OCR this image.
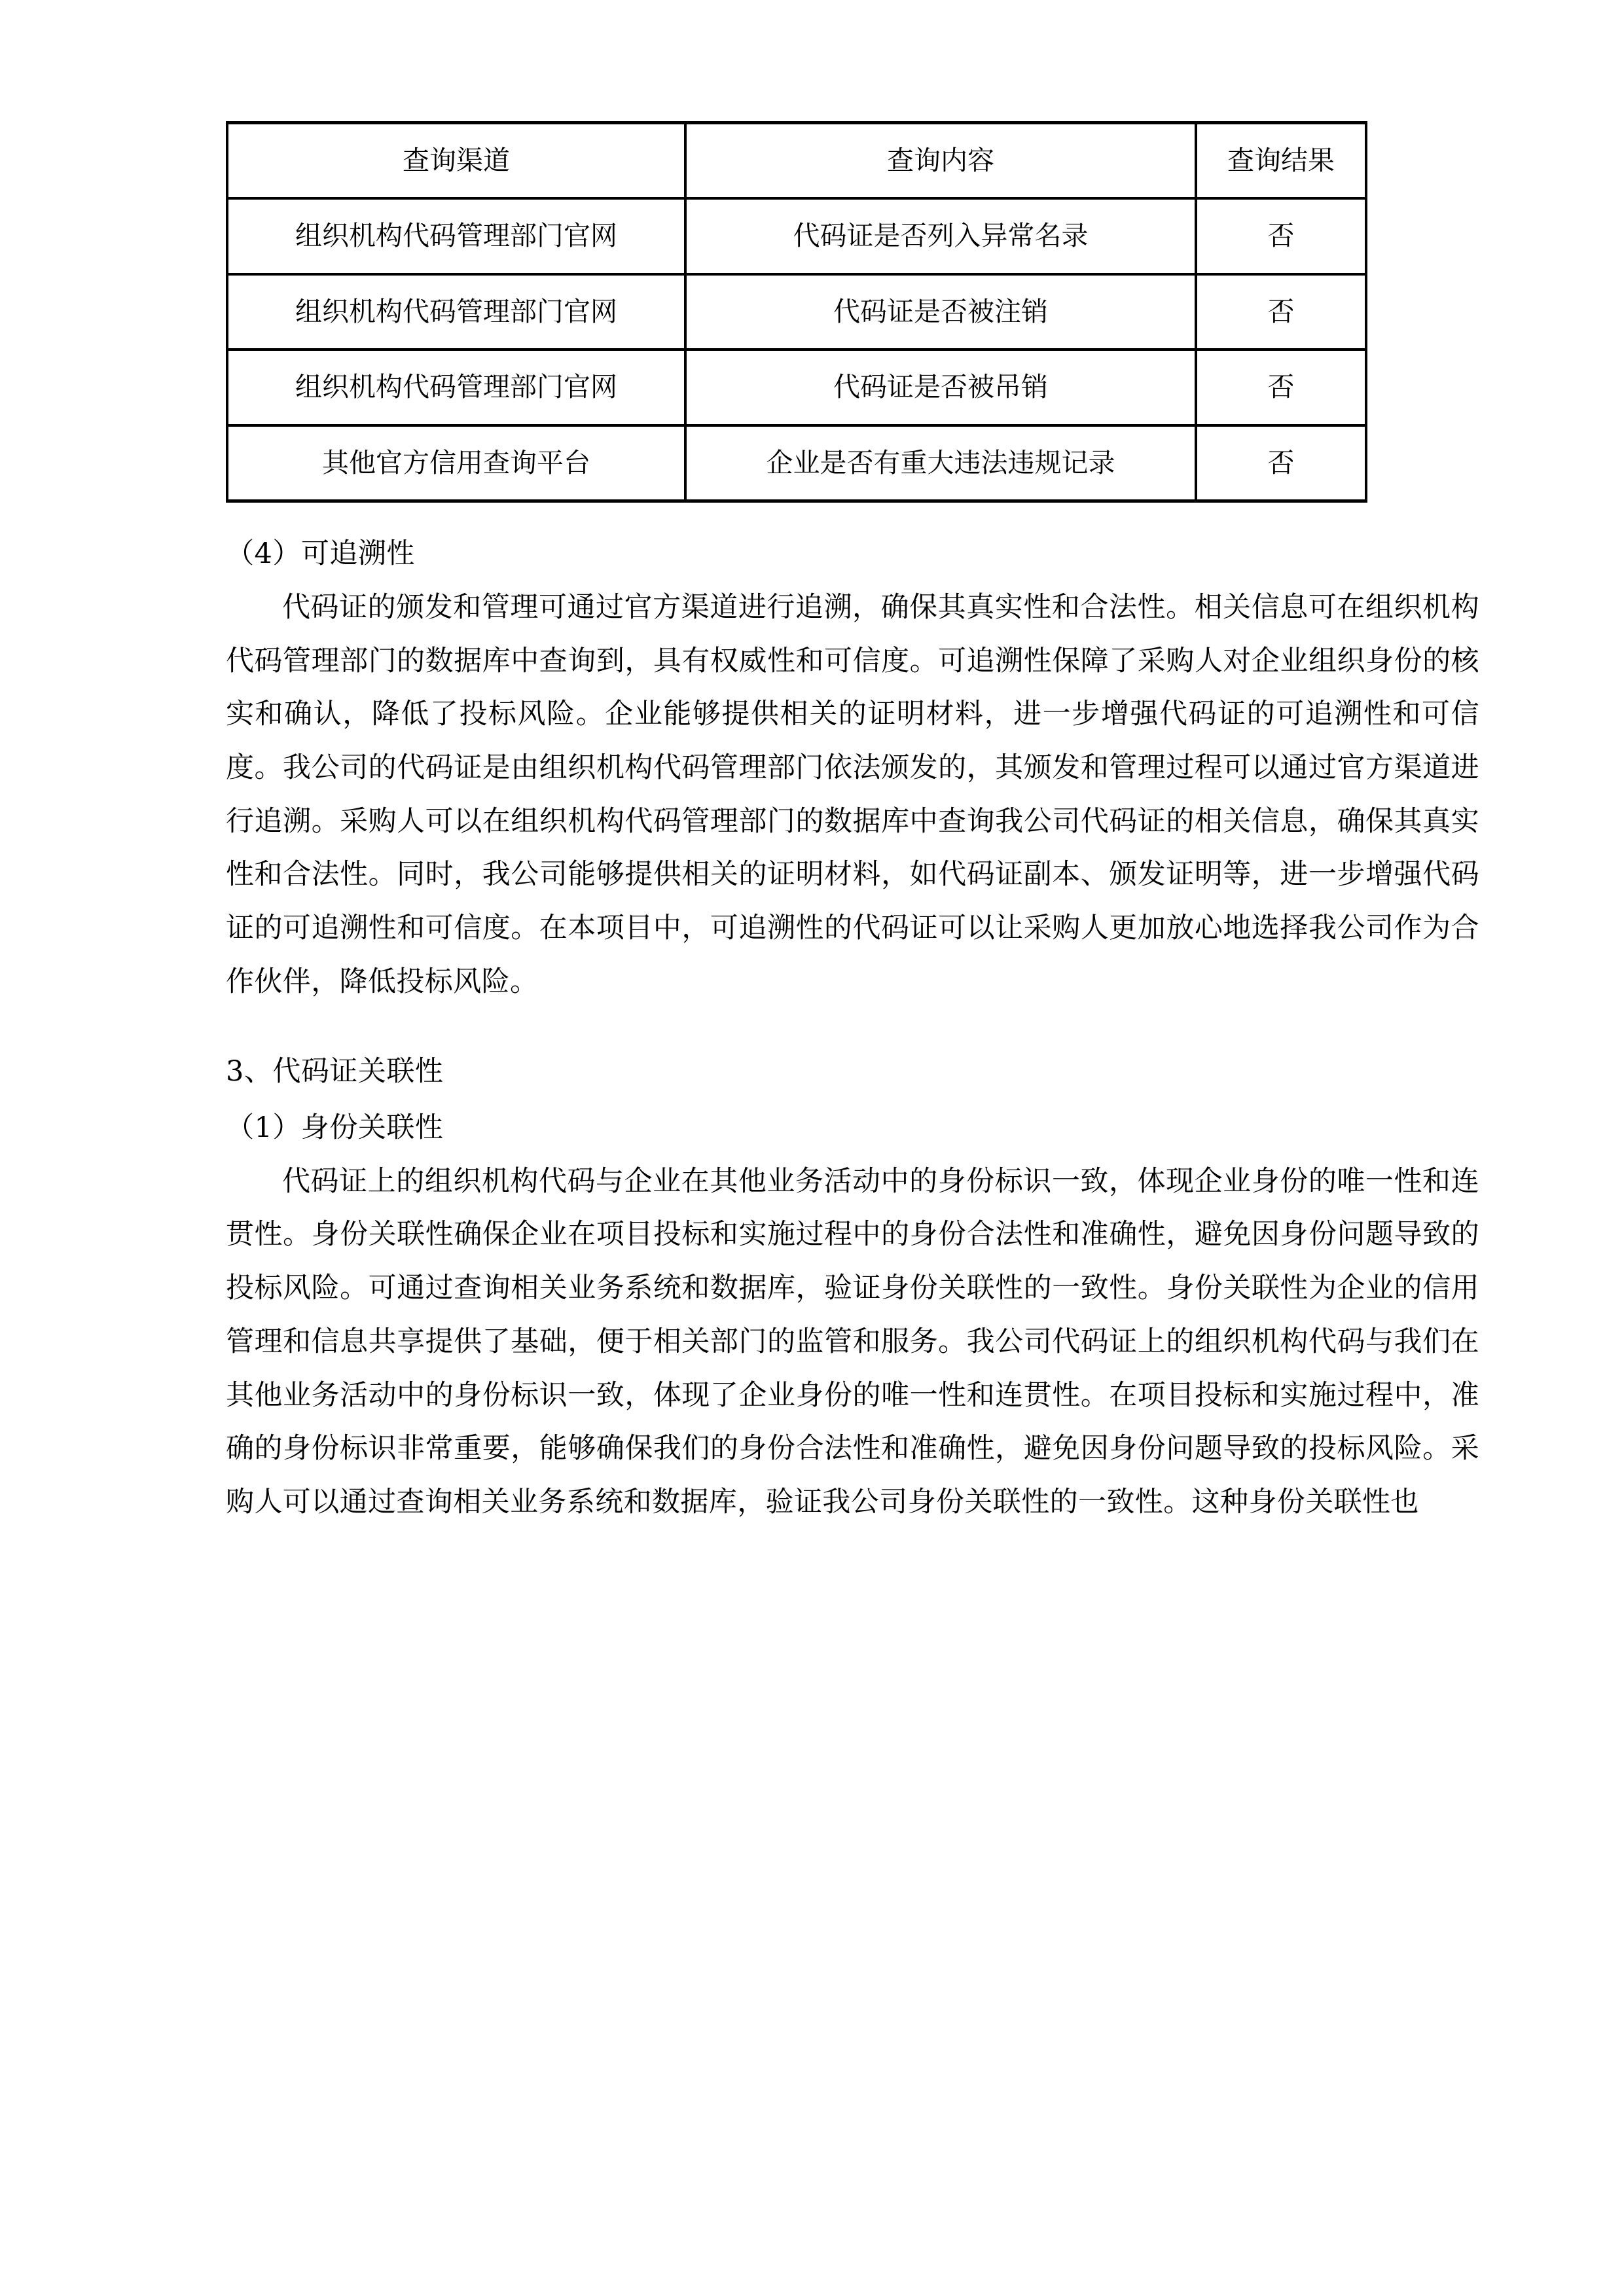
查询渠道	查询内容	查询结果
组织机构代码管理部门官网	代码证是否列入异常名录	否
组织机构代码管理部门官网	代码证是否被注销	否
组织机构代码管理部门官网	代码证是否被吊销	否
其他官方信用查询平台	企业是否有重大违法违规记录	否

（4）可追溯性

代码证的颁发和管理可通过官方渠道进行追溯，确保其真实性和合法性。相关信息可在组织机构代码管理部门的数据库中查询到，具有权威性和可信度。可追溯性保障了采购人对企业组织身份的核实和确认，降低了投标风险。企业能够提供相关的证明材料，进一步增强代码证的可追溯性和可信度。我公司的代码证是由组织机构代码管理部门依法颁发的，其颁发和管理过程可以通过官方渠道进行追溯。采购人可以在组织机构代码管理部门的数据库中查询我公司代码证的相关信息，确保其真实性和合法性。同时，我公司能够提供相关的证明材料，如代码证副本、颁发证明等，进一步增强代码证的可追溯性和可信度。在本项目中，可追溯性的代码证可以让采购人更加放心地选择我公司作为合作伙伴，降低投标风险。

3、代码证关联性

（1）身份关联性

代码证上的组织机构代码与企业在其他业务活动中的身份标识一致，体现企业身份的唯一性和连贯性。身份关联性确保企业在项目投标和实施过程中的身份合法性和准确性，避免因身份问题导致的投标风险。可通过查询相关业务系统和数据库，验证身份关联性的一致性。身份关联性为企业的信用管理和信息共享提供了基础，便于相关部门的监管和服务。我公司代码证上的组织机构代码与我们在其他业务活动中的身份标识一致，体现了企业身份的唯一性和连贯性。在项目投标和实施过程中，准确的身份标识非常重要，能够确保我们的身份合法性和准确性，避免因身份问题导致的投标风险。采购人可以通过查询相关业务系统和数据库，验证我公司身份关联性的一致性。这种身份关联性也
